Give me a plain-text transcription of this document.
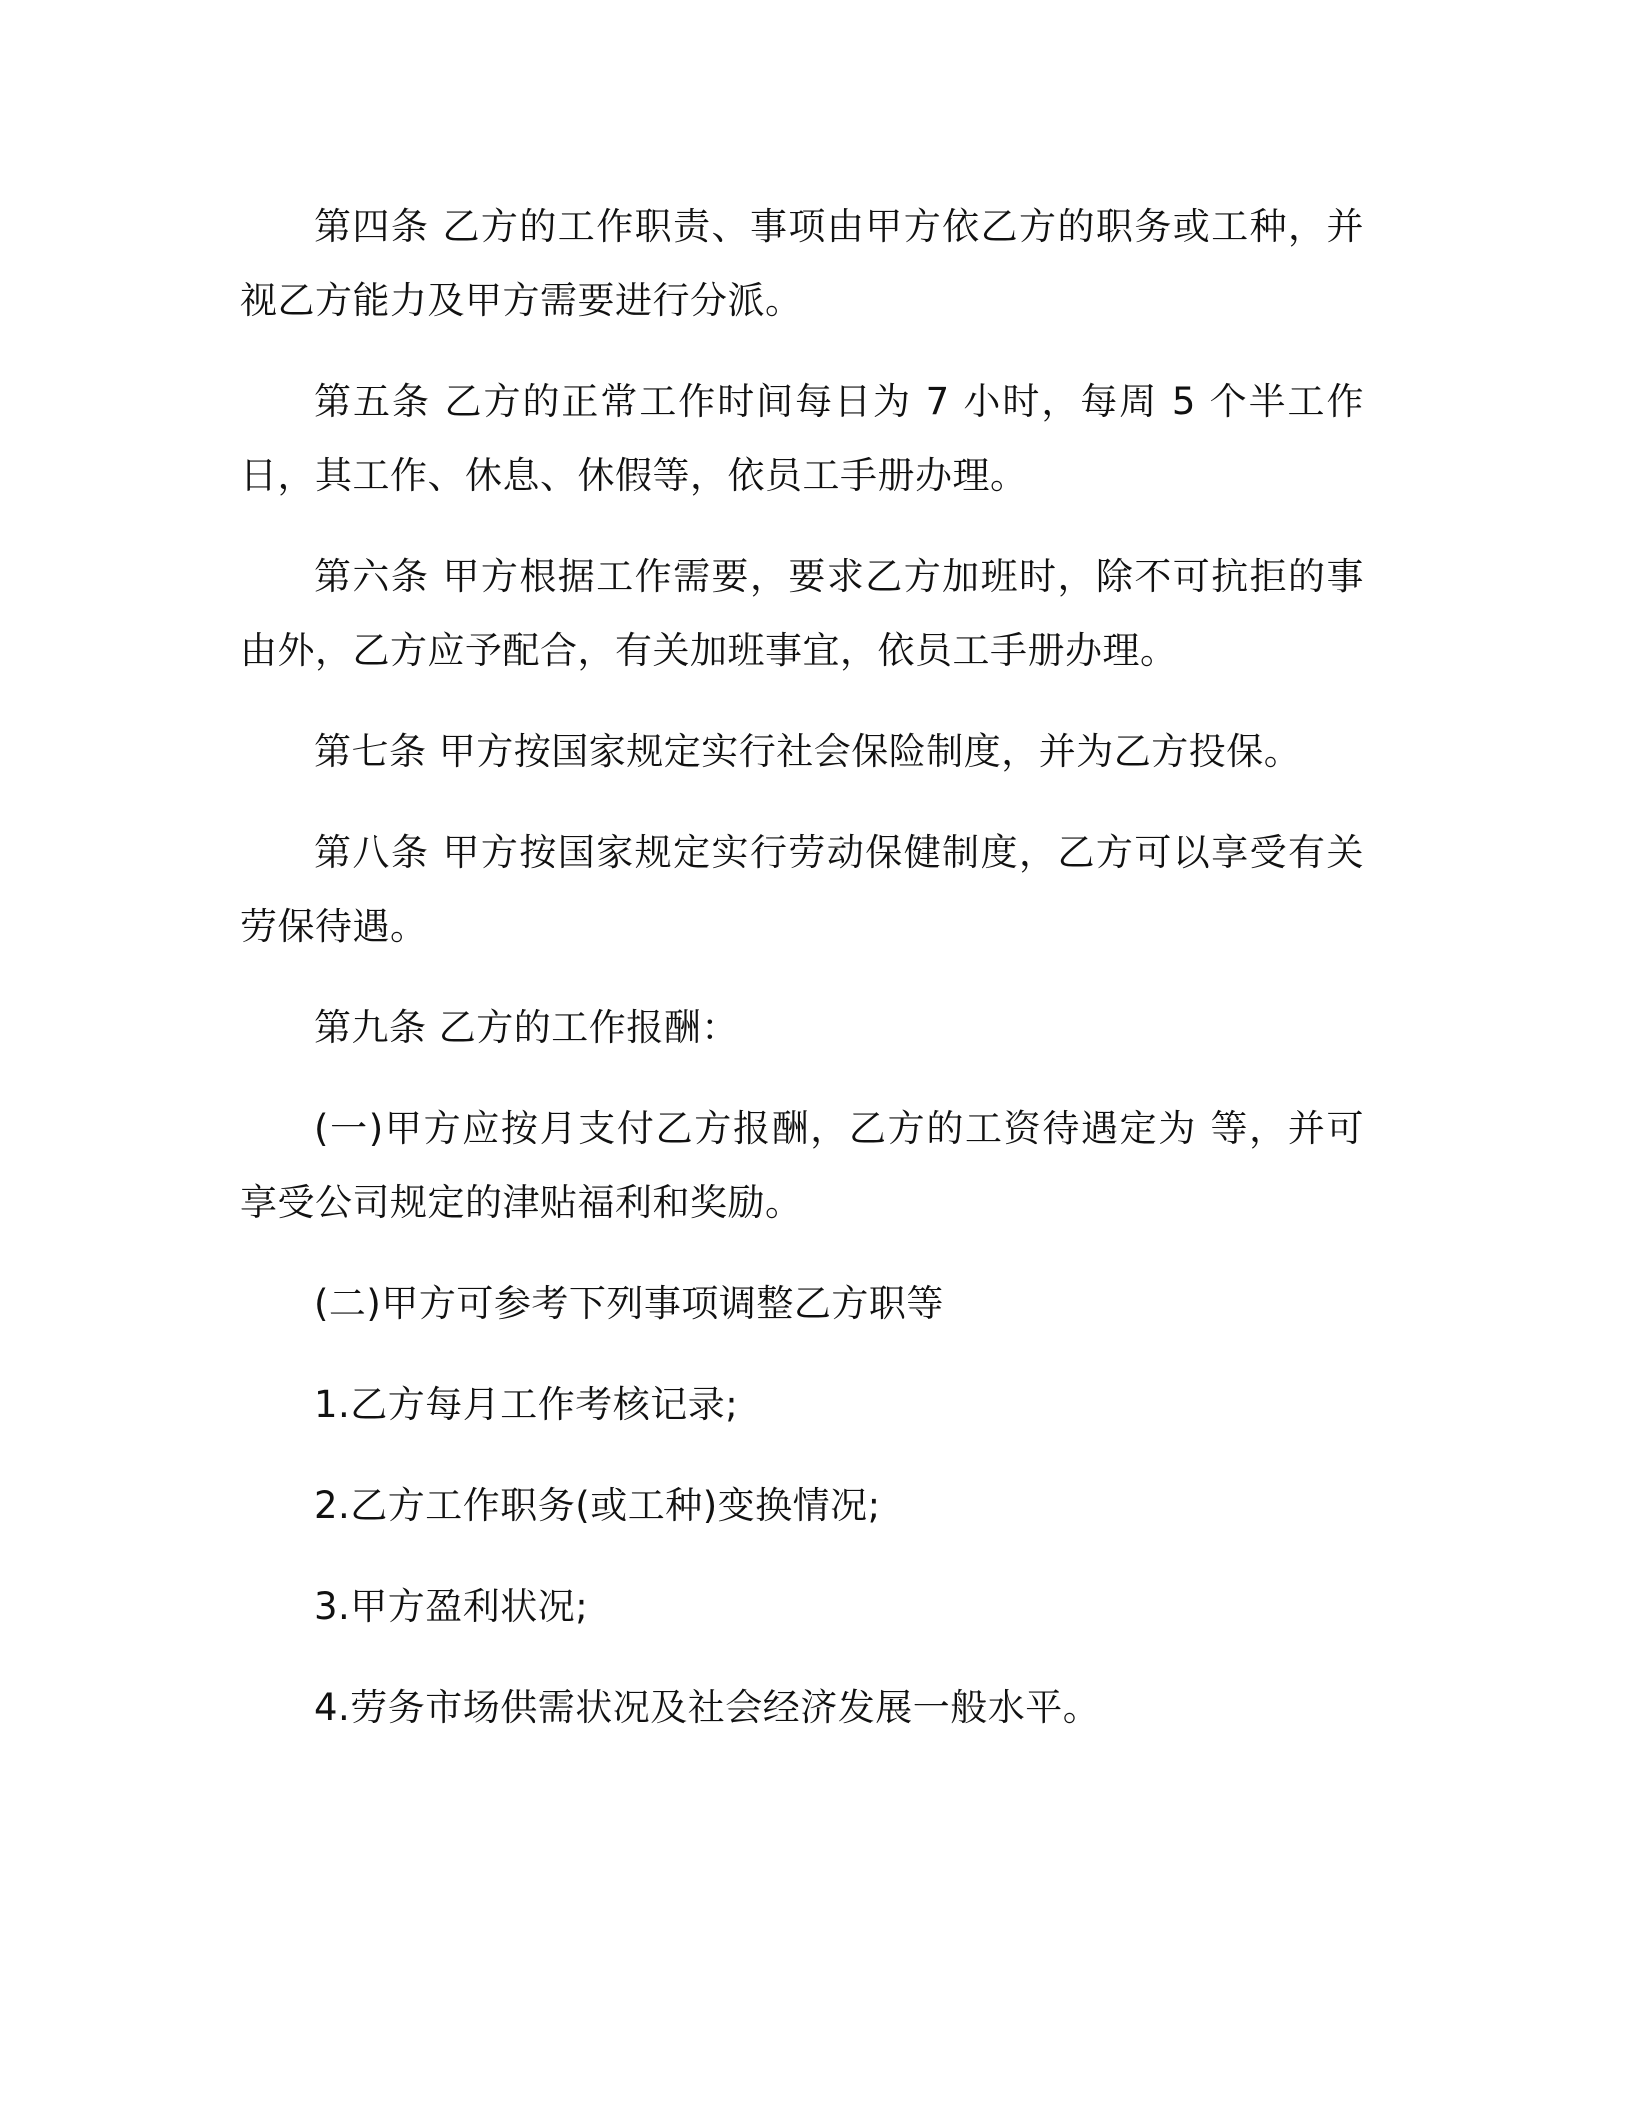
第四条 乙方的工作职责、事项由甲方依乙方的职务或工种，并视乙方能力及甲方需要进行分派。

第五条 乙方的正常工作时间每日为 7 小时，每周 5 个半工作日，其工作、休息、休假等，依员工手册办理。

第六条 甲方根据工作需要，要求乙方加班时，除不可抗拒的事由外，乙方应予配合，有关加班事宜，依员工手册办理。

第七条 甲方按国家规定实行社会保险制度，并为乙方投保。

第八条 甲方按国家规定实行劳动保健制度，乙方可以享受有关劳保待遇。

第九条 乙方的工作报酬：

(一)甲方应按月支付乙方报酬，乙方的工资待遇定为 等，并可享受公司规定的津贴福利和奖励。

(二)甲方可参考下列事项调整乙方职等

1.乙方每月工作考核记录;

2.乙方工作职务(或工种)变换情况;

3.甲方盈利状况;

4.劳务市场供需状况及社会经济发展一般水平。
